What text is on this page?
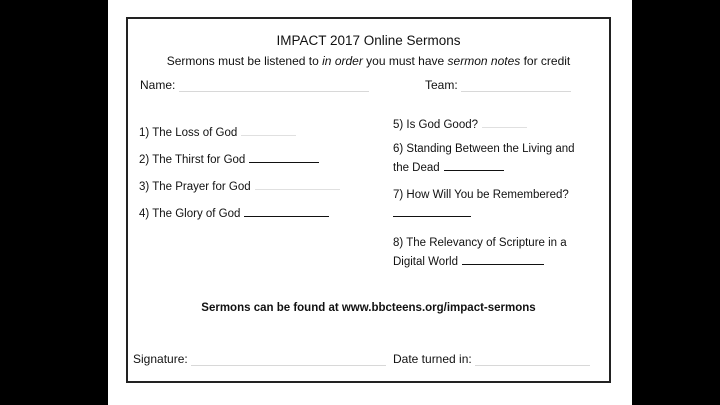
IMPACT 2017 Online Sermons
Sermons must be listened to in order you must have sermon notes for credit
Name:	Team:
1) The Loss of God
2) The Thirst for God
3) The Prayer for God
4) The Glory of God
5) Is God Good?
6) Standing Between the Living and
the Dead
7) How Will You be Remembered?
8) The Relevancy of Scripture in a
Digital World
Sermons can be found at www.bbcteens.org/impact-sermons
Signature:	Date turned in:
